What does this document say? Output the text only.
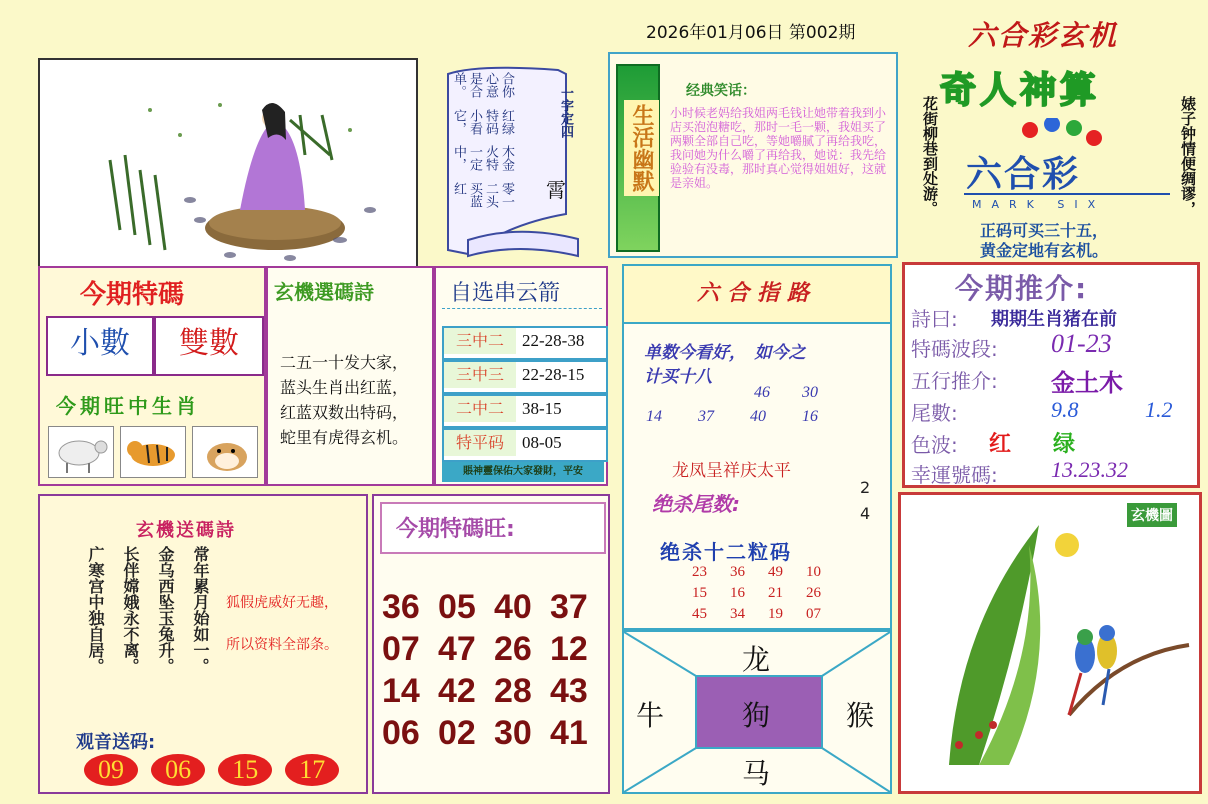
2026年01月06日 第002期
合你心意是合单。
红绿特码小看它，
木金火特一定中，
零一二头买蓝红
一字定四
霄	生活幽默
经典笑话：
小时候老妈给我姐两毛钱让她带着我到小店买泡泡糖吃，那时一毛一颗，我姐买了两颗全部自己吃，等她嚼腻了再给我吃，我问她为什么嚼了再给我，她说：我先给验验有没毒，那时真心觉得姐姐好，这就是亲姐。
六合彩玄机
奇人神算
花街柳巷到处游。	婊子钟情便绸谬，
六合彩
MARK SIX
正码可买三十五，
黄金定地有玄机。
今期特碼
小數	雙數
今期旺中生肖
玄機選碼詩
二五一十发大家，
蓝头生肖出红蓝，
红蓝双数出特码，
蛇里有虎得玄机。
自选串云箭
三中二	22-28-38
三中三	22-28-15
二中二	38-15
特平码	08-05
賬神靈保佑大家發財，平安
六合指路
单数今看好，　如今之
计买十八
46 30
14 37 40 16
龙凤呈祥庆太平
绝杀尾数:
2
4
绝杀十二粒码
23 36 49 10
15 16 21 26
45 34 19 07
龙
牛	狗	猴
马
今期推介:
詩曰: 期期生肖猪在前
特碼波段: 01-23
五行推介: 金土木
尾數:	9.8	1.2
色波: 红 绿
幸運號碼: 13.23.32
玄機送碼詩
广寒宫中独自居。 长伴嫦娥永不离。 金乌西坠玉兔升。 常年累月始如一。 狐假虎威好无趣，
所以资料全部条。
观音送码:
09 06 15 17
今期特碼旺:
36 05 40 37
07 47 26 12
14 42 28 43
06 02 30 41
玄機圖
